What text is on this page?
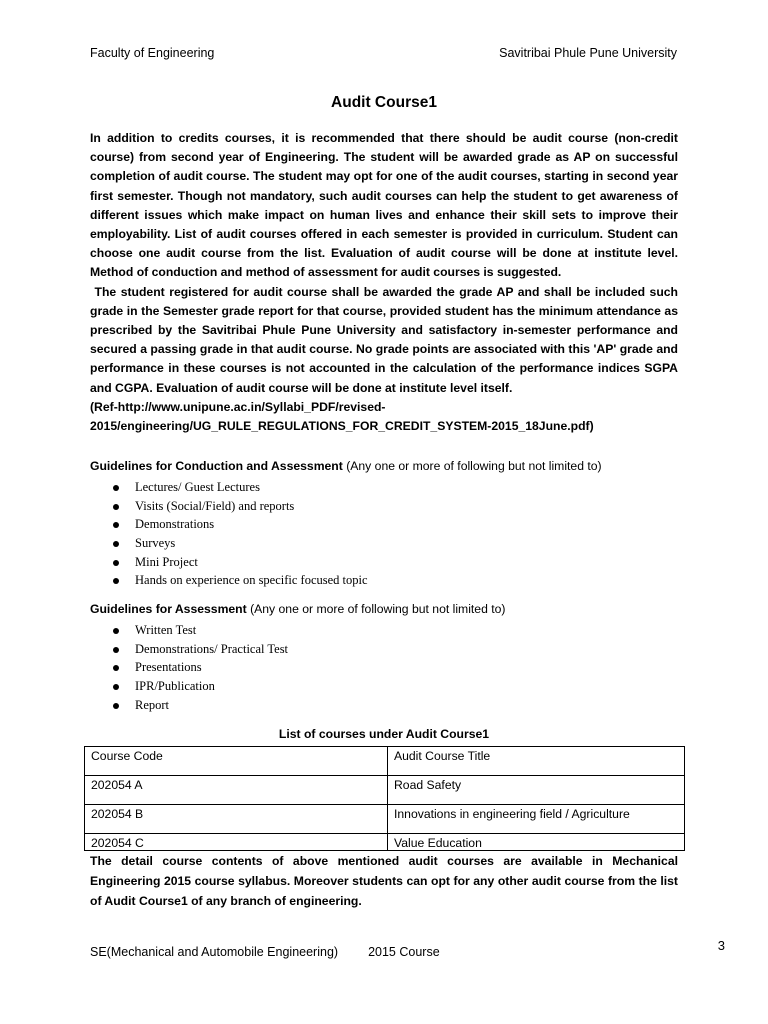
Faculty of Engineering	Savitribai Phule Pune University
Audit Course1

In addition to credits courses, it is recommended that there should be audit course (non-credit course) from second year of Engineering. The student will be awarded grade as AP on successful completion of audit course. The student may opt for one of the audit courses, starting in second year first semester. Though not mandatory, such audit courses can help the student to get awareness of different issues which make impact on human lives and enhance their skill sets to improve their employability. List of audit courses offered in each semester is provided in curriculum. Student can choose one audit course from the list. Evaluation of audit course will be done at institute level. Method of conduction and method of assessment for audit courses is suggested.

The student registered for audit course shall be awarded the grade AP and shall be included such grade in the Semester grade report for that course, provided student has the minimum attendance as prescribed by the Savitribai Phule Pune University and satisfactory in-semester performance and secured a passing grade in that audit course. No grade points are associated with this 'AP' grade and performance in these courses is not accounted in the calculation of the performance indices SGPA and CGPA. Evaluation of audit course will be done at institute level itself.

(Ref-http://www.unipune.ac.in/Syllabi_PDF/revised-

2015/engineering/UG_RULE_REGULATIONS_FOR_CREDIT_SYSTEM-2015_18June.pdf)

Guidelines for Conduction and Assessment (Any one or more of following but not limited to)
Lectures/ Guest Lectures
Visits (Social/Field) and reports
Demonstrations
Surveys
Mini Project
Hands on experience on specific focused topic
Guidelines for Assessment (Any one or more of following but not limited to)
Written Test
Demonstrations/ Practical Test
Presentations
IPR/Publication
Report
List of courses under Audit Course1
Course Code	Audit Course Title
202054 A	Road Safety
202054 B	Innovations in engineering field / Agriculture
202054 C	Value Education
The detail course contents of above mentioned audit courses are available in Mechanical Engineering 2015 course syllabus. Moreover students can opt for any other audit course from the list of Audit Course1 of any branch of engineering.
SE(Mechanical and Automobile Engineering) 2015 Course	3
